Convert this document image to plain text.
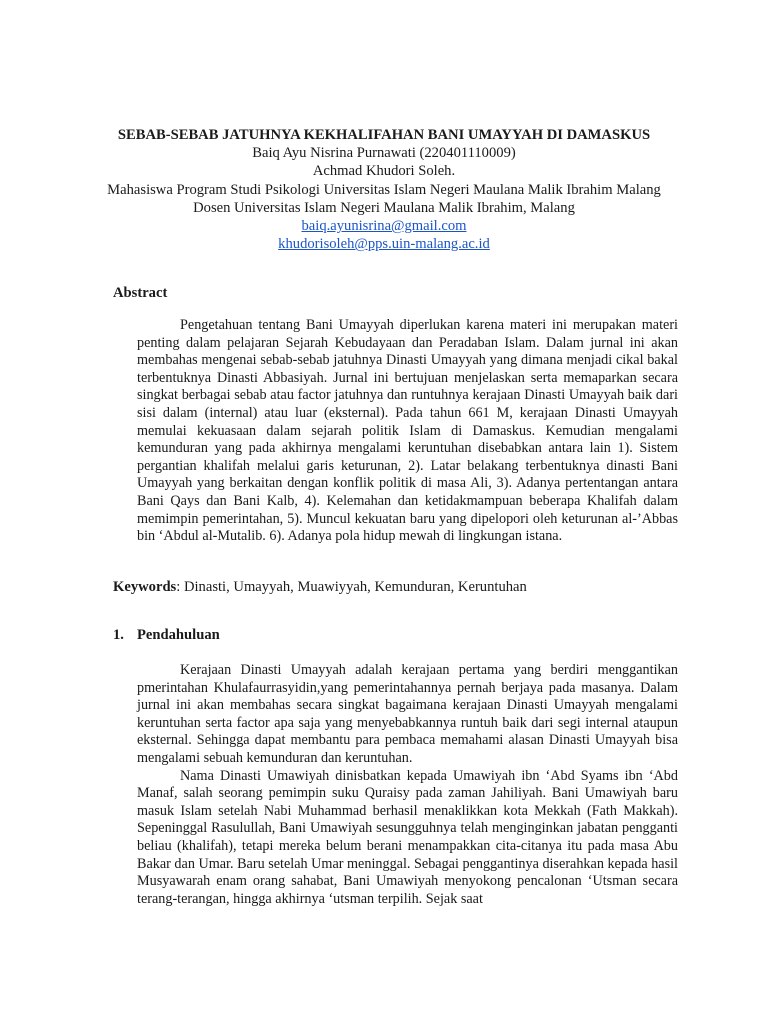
SEBAB-SEBAB JATUHNYA KEKHALIFAHAN BANI UMAYYAH DI DAMASKUS
Baiq Ayu Nisrina Purnawati (220401110009)
Achmad Khudori Soleh.
Mahasiswa Program Studi Psikologi Universitas Islam Negeri Maulana Malik Ibrahim Malang
Dosen Universitas Islam Negeri Maulana Malik Ibrahim, Malang
baiq.ayunisrina@gmail.com
khudorisoleh@pps.uin-malang.ac.id
Abstract
Pengetahuan tentang Bani Umayyah diperlukan karena materi ini merupakan materi penting dalam pelajaran Sejarah Kebudayaan dan Peradaban Islam. Dalam jurnal ini akan membahas mengenai sebab-sebab jatuhnya Dinasti Umayyah yang dimana menjadi cikal bakal terbentuknya Dinasti Abbasiyah. Jurnal ini bertujuan menjelaskan serta memaparkan secara singkat berbagai sebab atau factor jatuhnya dan runtuhnya kerajaan Dinasti Umayyah baik dari sisi dalam (internal) atau luar (eksternal). Pada tahun 661 M, kerajaan Dinasti Umayyah memulai kekuasaan dalam sejarah politik Islam di Damaskus. Kemudian mengalami kemunduran yang pada akhirnya mengalami keruntuhan disebabkan antara lain 1). Sistem pergantian khalifah melalui garis keturunan, 2). Latar belakang terbentuknya dinasti Bani Umayyah yang berkaitan dengan konflik politik di masa Ali, 3). Adanya pertentangan antara Bani Qays dan Bani Kalb, 4). Kelemahan dan ketidakmampuan beberapa Khalifah dalam memimpin pemerintahan, 5). Muncul kekuatan baru yang dipelopori oleh keturunan al-’Abbas bin ‘Abdul al-Mutalib. 6). Adanya pola hidup mewah di lingkungan istana.
Keywords: Dinasti, Umayyah, Muawiyyah, Kemunduran, Keruntuhan
1. Pendahuluan

Kerajaan Dinasti Umayyah adalah kerajaan pertama yang berdiri menggantikan pmerintahan Khulafaurrasyidin,yang pemerintahannya pernah berjaya pada masanya. Dalam jurnal ini akan membahas secara singkat bagaimana kerajaan Dinasti Umayyah mengalami keruntuhan serta factor apa saja yang menyebabkannya runtuh baik dari segi internal ataupun eksternal. Sehingga dapat membantu para pembaca memahami alasan Dinasti Umayyah bisa mengalami sebuah kemunduran dan keruntuhan.

Nama Dinasti Umawiyah dinisbatkan kepada Umawiyah ibn ‘Abd Syams ibn ‘Abd Manaf, salah seorang pemimpin suku Quraisy pada zaman Jahiliyah. Bani Umawiyah baru masuk Islam setelah Nabi Muhammad berhasil menaklikkan kota Mekkah (Fath Makkah). Sepeninggal Rasulullah, Bani Umawiyah sesungguhnya telah menginginkan jabatan pengganti beliau (khalifah), tetapi mereka belum berani menampakkan cita-citanya itu pada masa Abu Bakar dan Umar. Baru setelah Umar meninggal. Sebagai penggantinya diserahkan kepada hasil Musyawarah enam orang sahabat, Bani Umawiyah menyokong pencalonan ‘Utsman secara terang-terangan, hingga akhirnya ‘utsman terpilih. Sejak saat
